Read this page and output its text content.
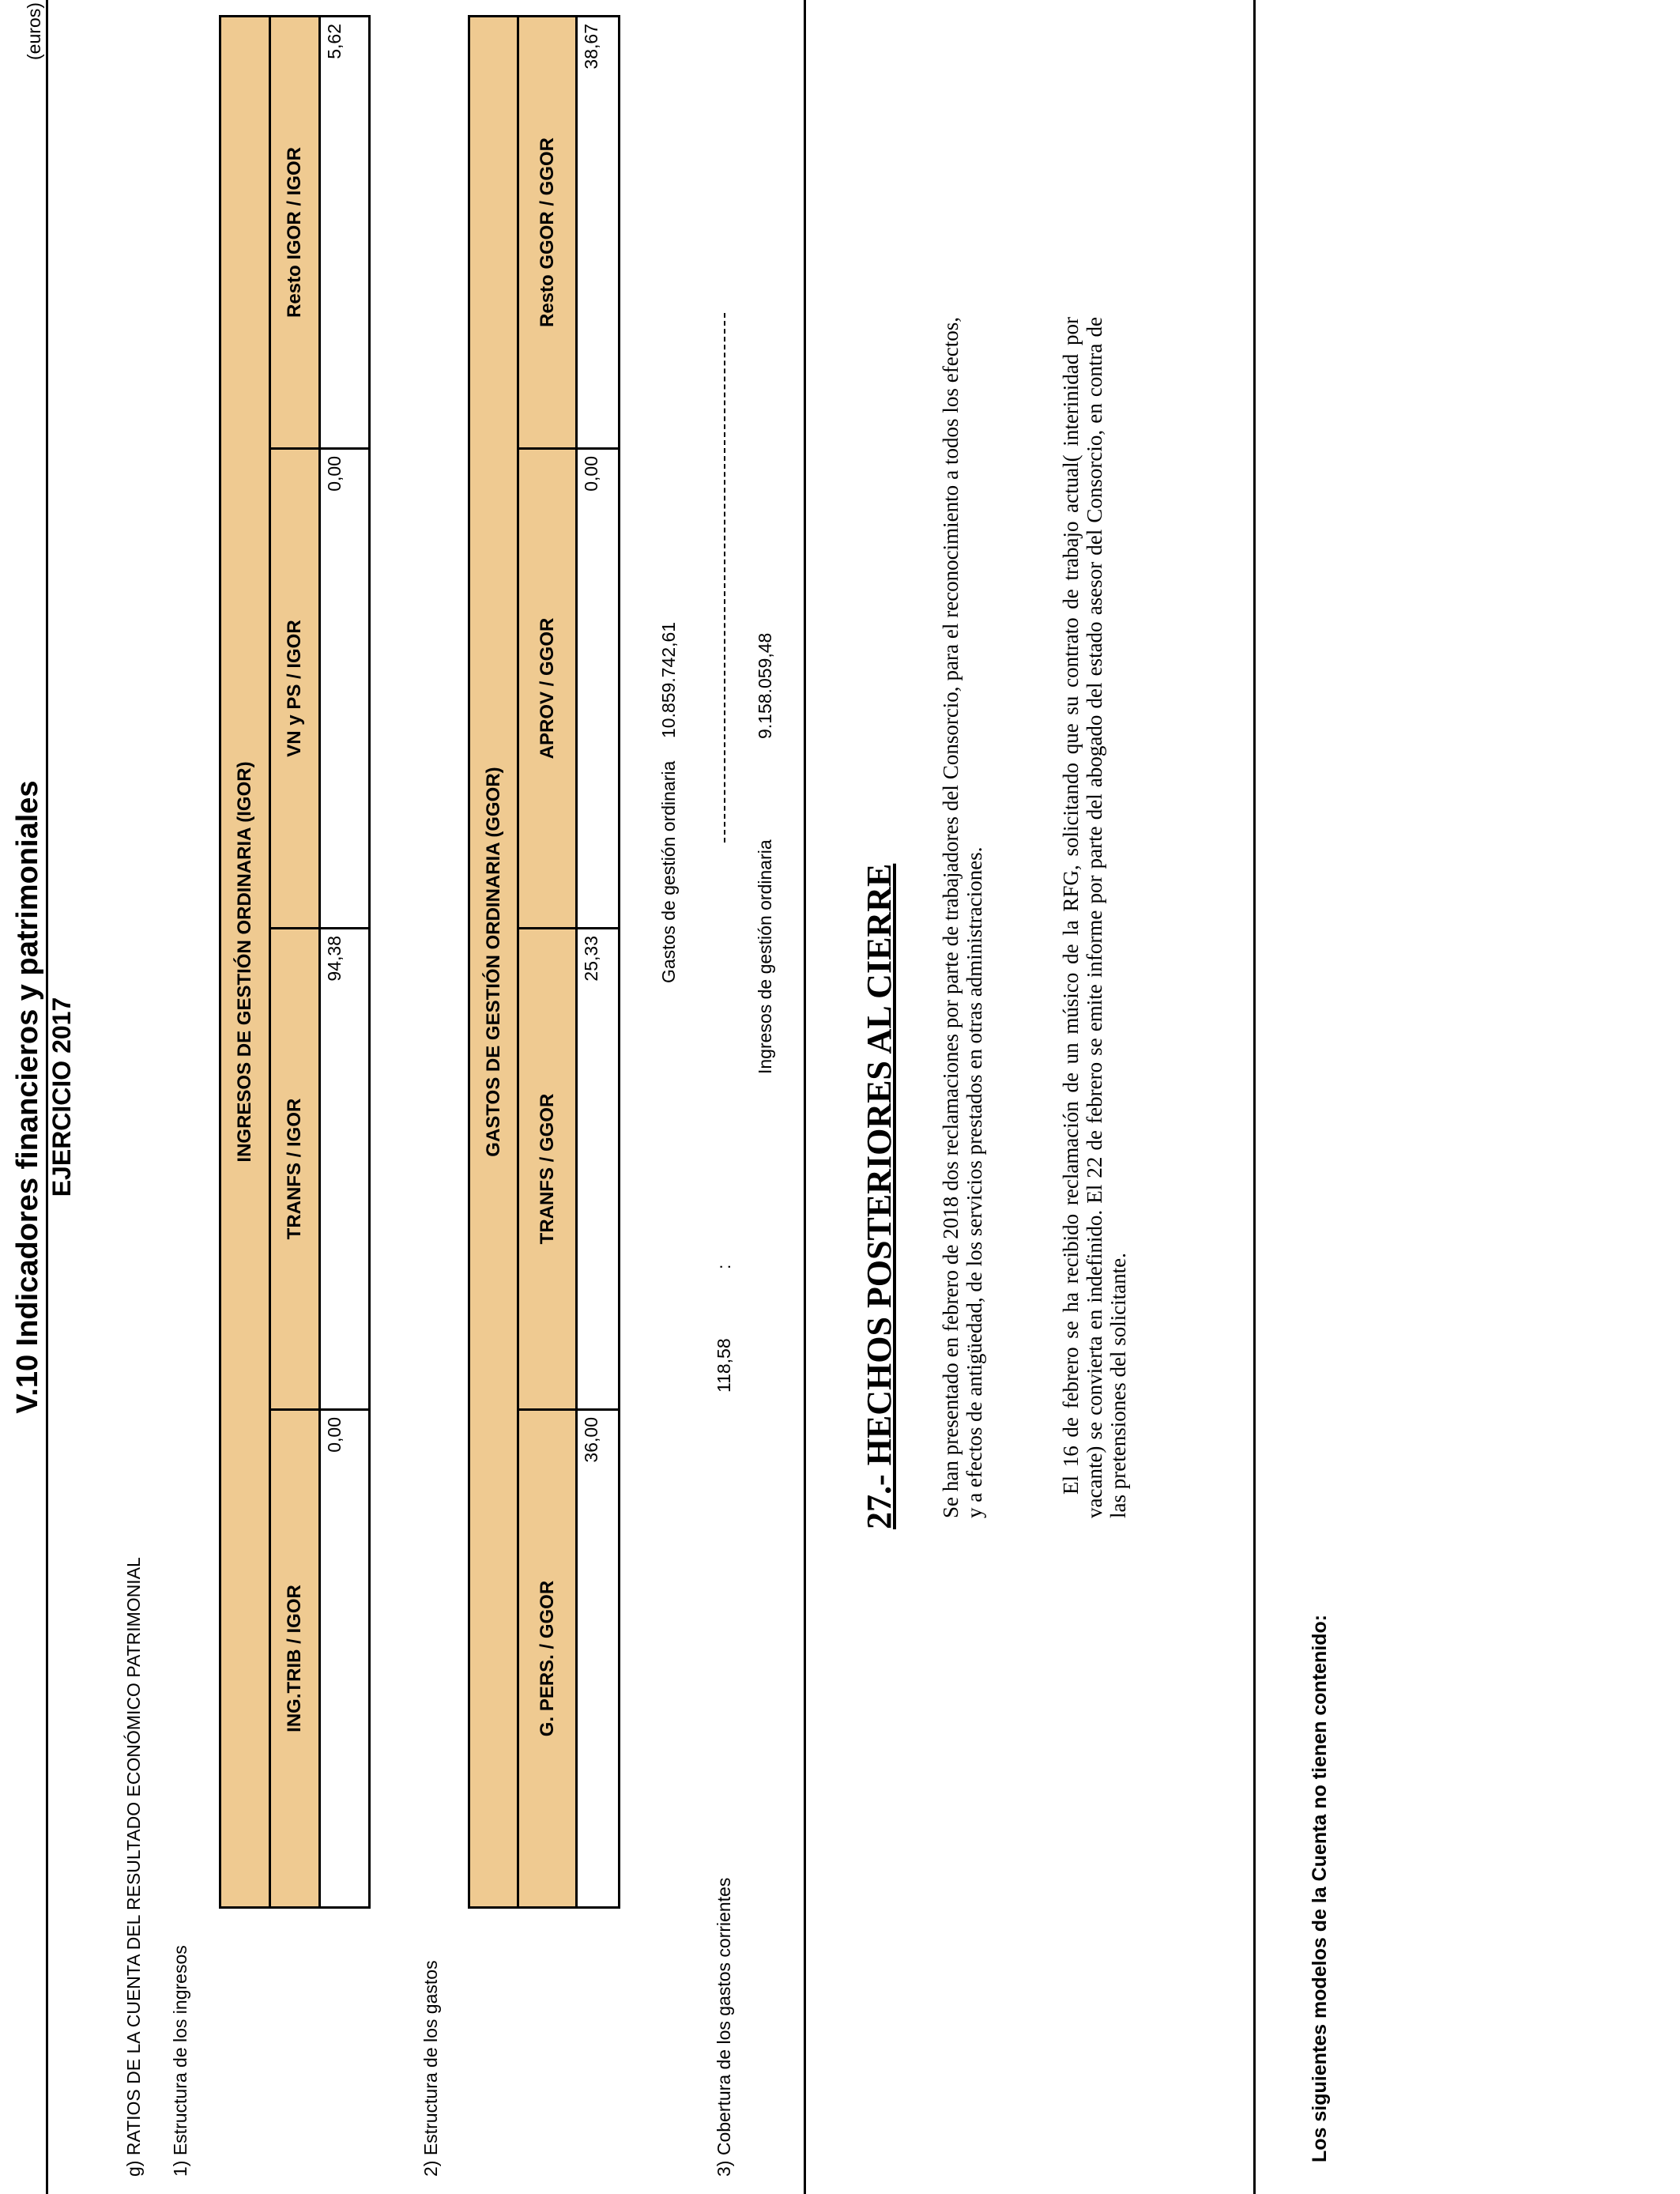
(euros)
V.10 Indicadores financieros y patrimoniales EJERCICIO 2017
g) RATIOS DE LA CUENTA DEL RESULTADO ECONÓMICO PATRIMONIAL 1) Estructura de los ingresos
INGRESOS DE GESTIÓN ORDINARIA (IGOR)			
ING.TRIB / IGOR	TRANFS / IGOR	VN y PS / IGOR	Resto IGOR / IGOR
0,00	94,38	0,00	5,62
2) Estructura de los gastos
GASTOS DE GESTIÓN ORDINARIA (GGOR)			
G. PERS. / GGOR	TRANFS / GGOR	APROV / GGOR	Resto GGOR / GGOR
36,00	25,33	0,00	38,67
Gastos de gestión ordinaria
10.859.742,61
3) Cobertura de los gastos corrientes
118,58
:
Ingresos de gestión ordinaria
9.158.059,48
27.- HECHOS POSTERIORES AL CIERRE Se han presentado en febrero de 2018 dos reclamaciones por parte de trabajadores del Consorcio, para el reconocimiento a todos los efectos, y a efectos de antigüedad, de los servicios prestados en otras administraciones.	El 16 de febrero se ha recibido reclamación de un músico de la RFG, solicitando que su contrato de trabajo actual( interinidad por vacante) se convierta en indefinido. El 22 de febrero se emite informe por parte del abogado del estado asesor del Consorcio, en contra de las pretensiones del solicitante.
Los siguientes modelos de la Cuenta no tienen contenido:
